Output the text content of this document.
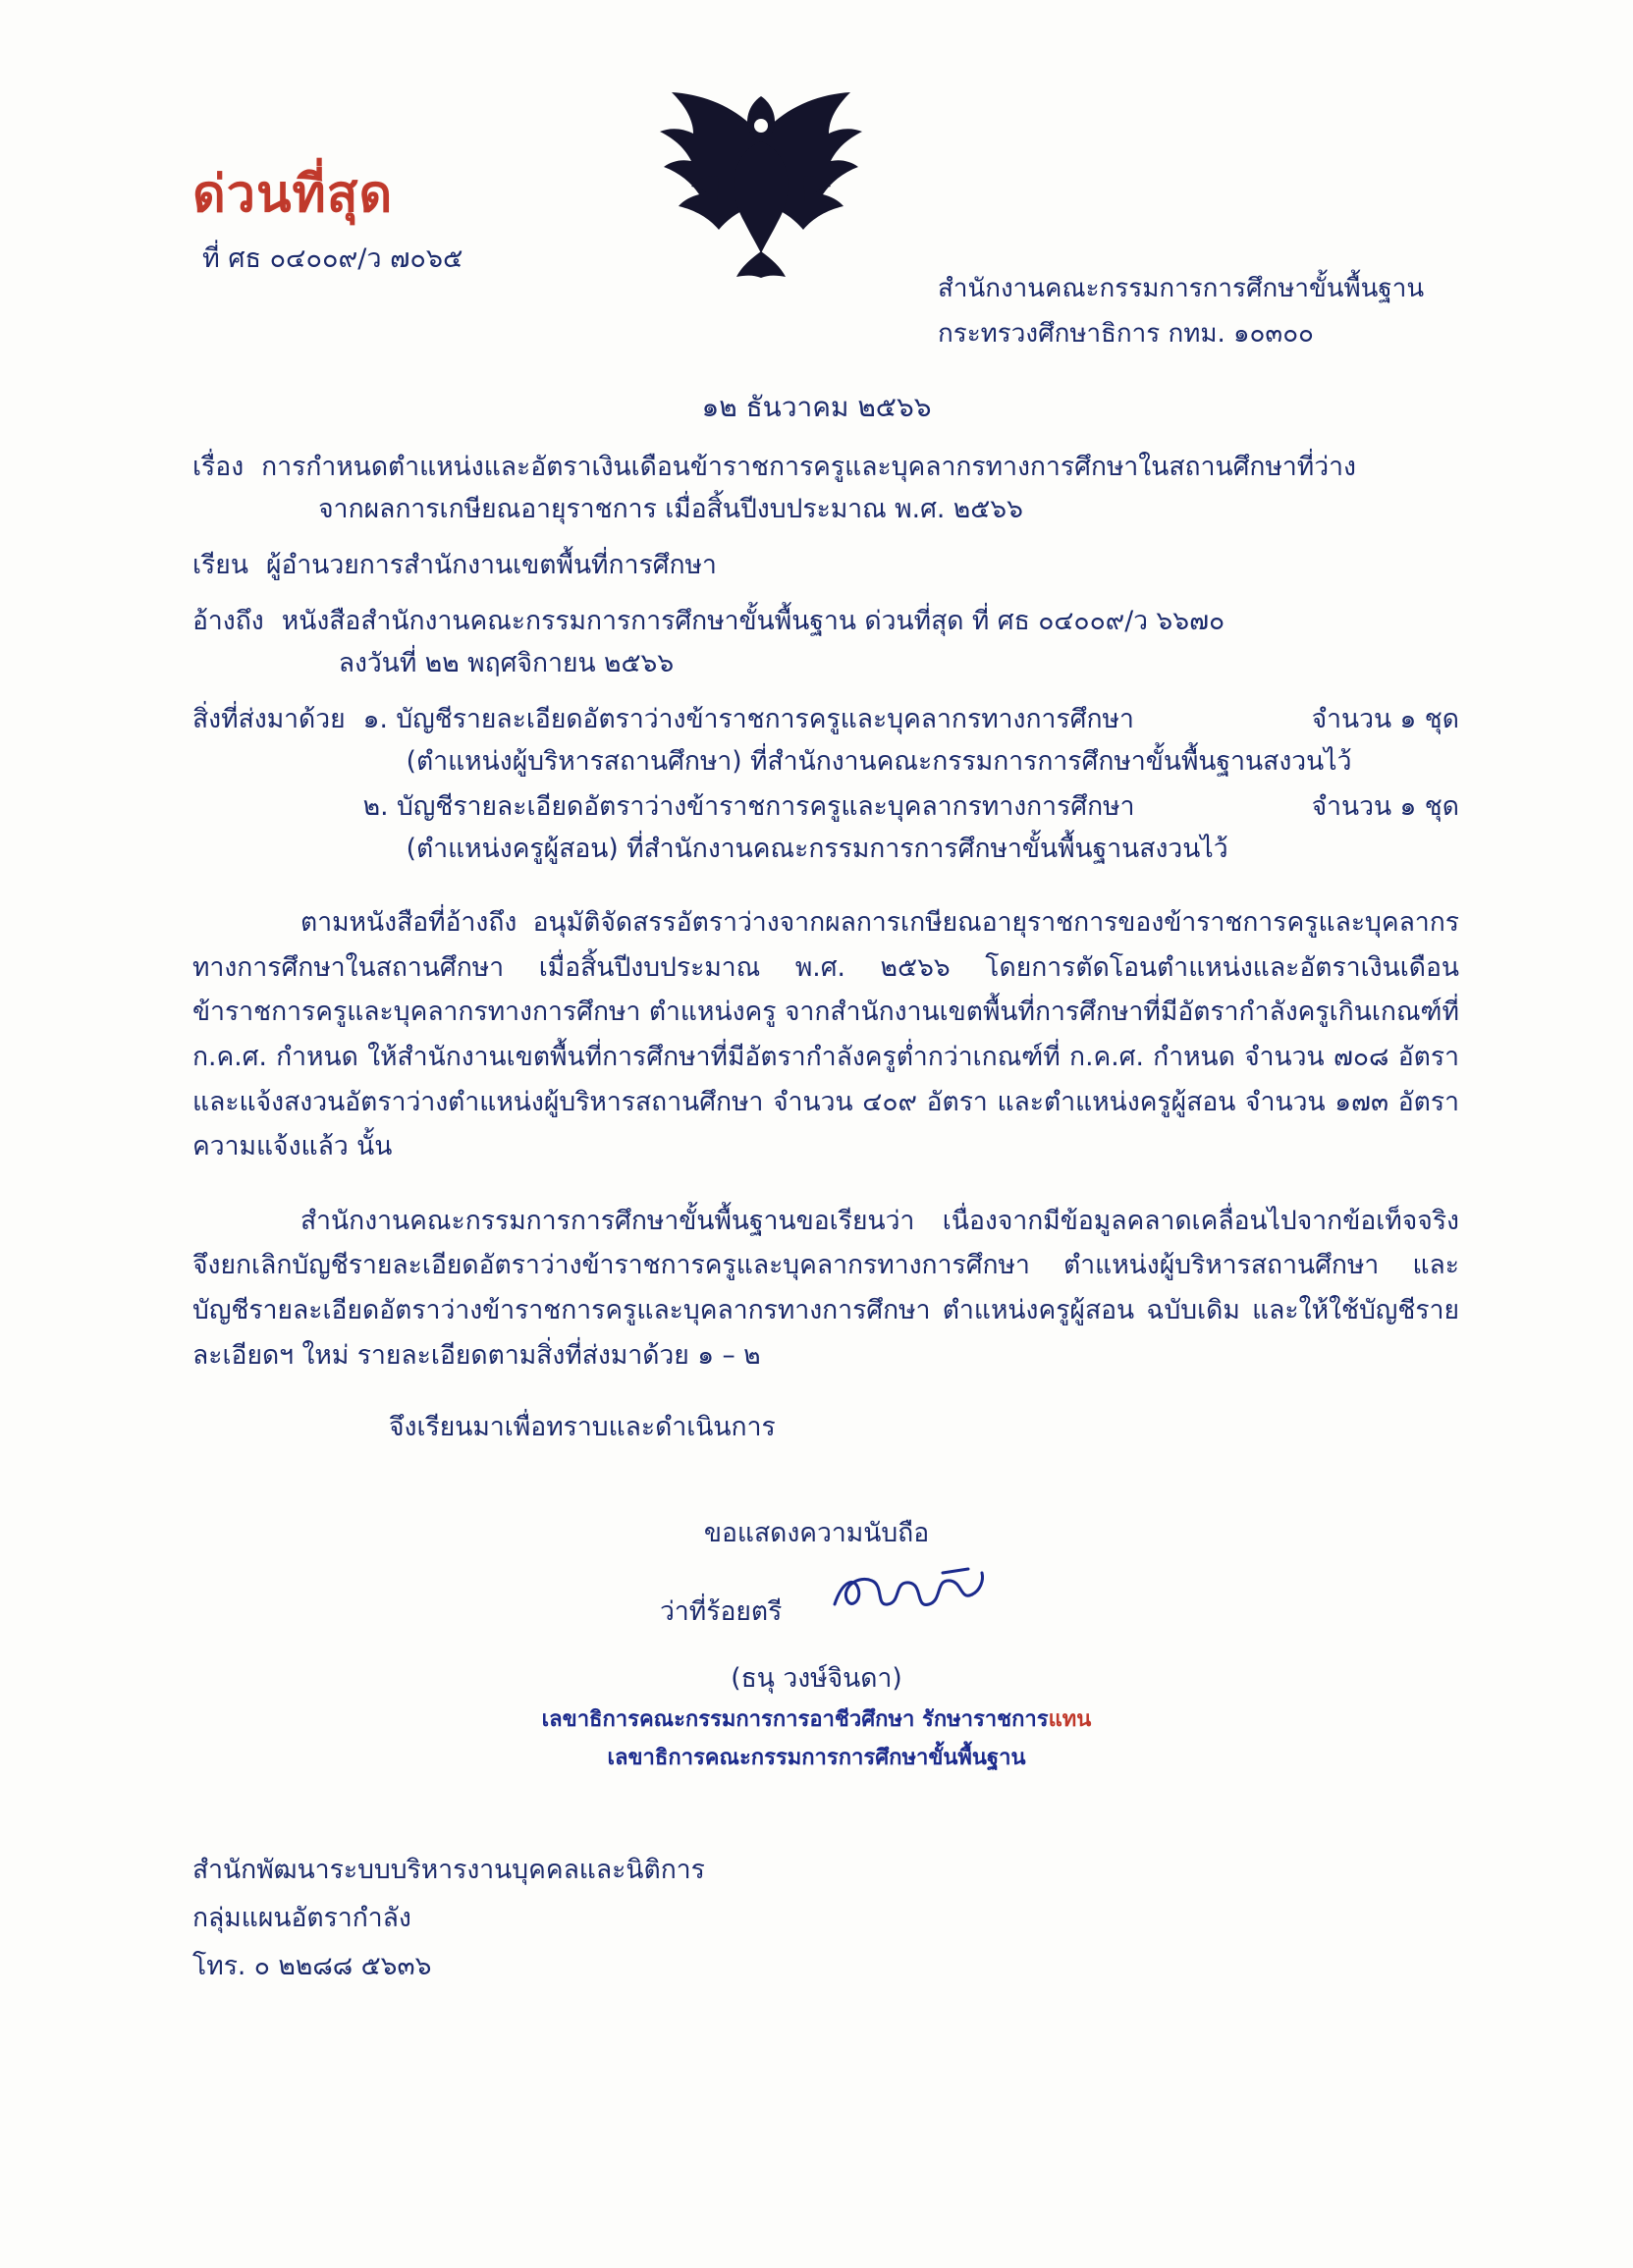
ด่วนที่สุด
ที่ ศธ ๐๔๐๐๙/ว ๗๐๖๕
สำนักงานคณะกรรมการการศึกษาขั้นพื้นฐาน
กระทรวงศึกษาธิการ กทม. ๑๐๓๐๐
๑๒ ธันวาคม ๒๕๖๖
เรื่อง การกำหนดตำแหน่งและอัตราเงินเดือนข้าราชการครูและบุคลากรทางการศึกษาในสถานศึกษาที่ว่าง
จากผลการเกษียณอายุราชการ เมื่อสิ้นปีงบประมาณ พ.ศ. ๒๕๖๖
เรียน ผู้อำนวยการสำนักงานเขตพื้นที่การศึกษา
อ้างถึง หนังสือสำนักงานคณะกรรมการการศึกษาขั้นพื้นฐาน ด่วนที่สุด ที่ ศธ ๐๔๐๐๙/ว ๖๖๗๐
ลงวันที่ ๒๒ พฤศจิกายน ๒๕๖๖
สิ่งที่ส่งมาด้วย ๑. บัญชีรายละเอียดอัตราว่างข้าราชการครูและบุคลากรทางการศึกษา	จำนวน ๑ ชุด
(ตำแหน่งผู้บริหารสถานศึกษา) ที่สำนักงานคณะกรรมการการศึกษาขั้นพื้นฐานสงวนไว้
๒. บัญชีรายละเอียดอัตราว่างข้าราชการครูและบุคลากรทางการศึกษา	จำนวน ๑ ชุด
(ตำแหน่งครูผู้สอน) ที่สำนักงานคณะกรรมการการศึกษาขั้นพื้นฐานสงวนไว้

ตามหนังสือที่อ้างถึง อนุมัติจัดสรรอัตราว่างจากผลการเกษียณอายุราชการของข้าราชการครูและบุคลากรทางการศึกษาในสถานศึกษา เมื่อสิ้นปีงบประมาณ พ.ศ. ๒๕๖๖ โดยการตัดโอนตำแหน่งและอัตราเงินเดือนข้าราชการครูและบุคลากรทางการศึกษา ตำแหน่งครู จากสำนักงานเขตพื้นที่การศึกษาที่มีอัตรากำลังครูเกินเกณฑ์ที่ ก.ค.ศ. กำหนด ให้สำนักงานเขตพื้นที่การศึกษาที่มีอัตรากำลังครูต่ำกว่าเกณฑ์ที่ ก.ค.ศ. กำหนด จำนวน ๗๐๘ อัตรา และแจ้งสงวนอัตราว่างตำแหน่งผู้บริหารสถานศึกษา จำนวน ๔๐๙ อัตรา และตำแหน่งครูผู้สอน จำนวน ๑๗๓ อัตรา ความแจ้งแล้ว นั้น

สำนักงานคณะกรรมการการศึกษาขั้นพื้นฐานขอเรียนว่า เนื่องจากมีข้อมูลคลาดเคลื่อนไปจากข้อเท็จจริง จึงยกเลิกบัญชีรายละเอียดอัตราว่างข้าราชการครูและบุคลากรทางการศึกษา ตำแหน่งผู้บริหารสถานศึกษา และบัญชีรายละเอียดอัตราว่างข้าราชการครูและบุคลากรทางการศึกษา ตำแหน่งครูผู้สอน ฉบับเดิม และให้ใช้บัญชีรายละเอียดฯ ใหม่ รายละเอียดตามสิ่งที่ส่งมาด้วย ๑ – ๒

จึงเรียนมาเพื่อทราบและดำเนินการ

ขอแสดงความนับถือ
ว่าที่ร้อยตรี
(ธนุ วงษ์จินดา)
เลขาธิการคณะกรรมการการอาชีวศึกษา รักษาราชการแทน
เลขาธิการคณะกรรมการการศึกษาขั้นพื้นฐาน
สำนักพัฒนาระบบบริหารงานบุคคลและนิติการ
กลุ่มแผนอัตรากำลัง
โทร. ๐ ๒๒๘๘ ๕๖๓๖
